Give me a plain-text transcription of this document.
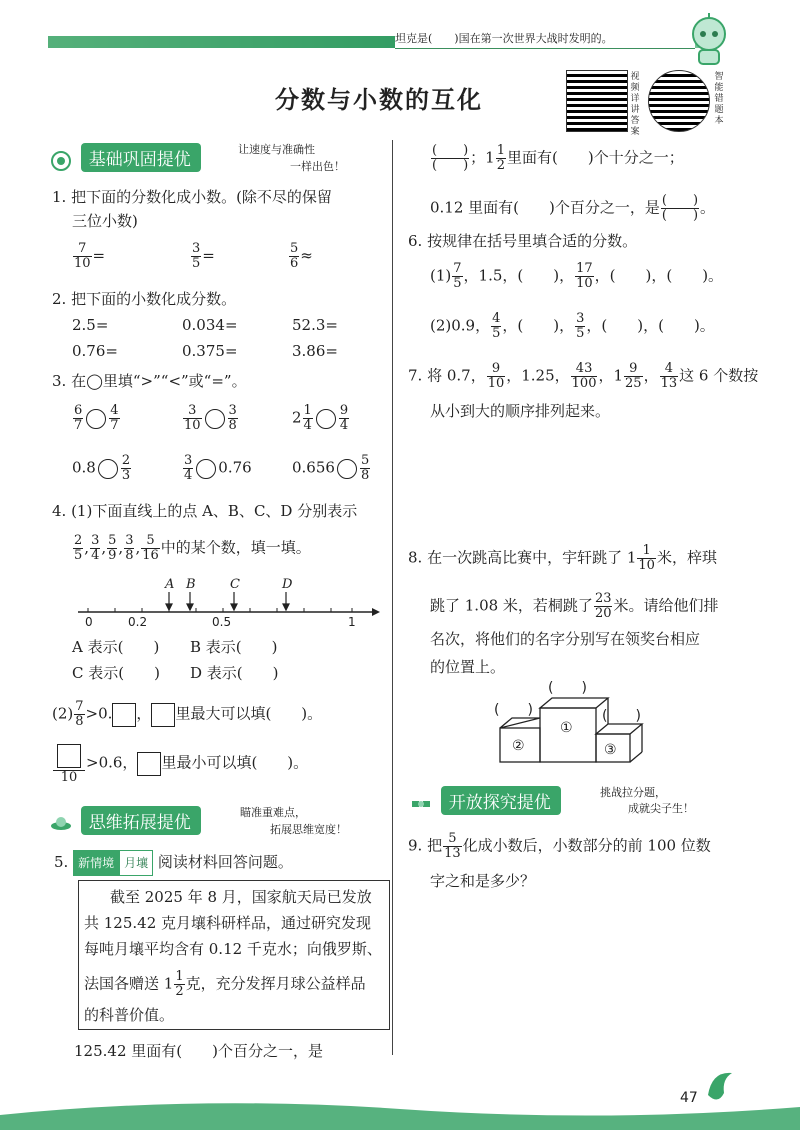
坦克是(　　)国在第一次世界大战时发明的。
分数与小数的互化
视频详讲答案
智能错题本
基础巩固提优
让速度与准确性
一样出色！
1. 把下面的分数化成小数。(除不尽的保留
三位小数)
$\frac{7}{10}$ =	$\frac{3}{5}$ =	$\frac{5}{6}$ ≈
2. 把下面的小数化成分数。
2.5=	0.034=	52.3=
0.76=	0.375=	3.86=
3. 在◯里填“>”“<”或“=”。
$\frac{6}{7} \frac{4}{7}$	$\frac{3}{10} \frac{3}{8}$	$2 \frac{1}{4} \frac{9}{4}$
$0.8 \frac{2}{3}$	$\frac{3}{4} 0.76$	$0.656 \frac{5}{8}$
4. (1)下面直线上的点 A、B、C、D 分别表示
$\frac{2}{5}$ , $\frac{3}{4}$ , $\frac{5}{9}$ , $\frac{3}{8}$ , $\frac{5}{16}$ 中的某个数，填一填。
A B	C	D
0	0.2	0.5	1
A 表示(　　) B 表示(　　)
C 表示(　　) D 表示(　　)
$(2) \frac{7}{8} >0$. ， 里最大可以填(　　)。
10
>0.6， 里最小可以填(　　)。
思维拓展提优
瞄准重难点，
拓展思维宽度！
5. 新情境 月壤 阅读材料回答问题。
截至 2025 年 8 月，国家航天局已发放
共 125.42 克月壤科研样品，通过研究发现
每吨月壤平均含有 0.12 千克水；向俄罗斯、
法国各赠送 $1 \frac{1}{2}$ 克，充分发挥月球公益样品
的科普价值。
125.42 里面有(　　)个百分之一，是
$\frac{( )}{( )}$ ；$1 \frac{1}{2}$ 里面有(　　)个十分之一；
0.12 里面有(　　)个百分之一，是 $\frac{( )}{( )}$ 。
6. 按规律在括号里填合适的分数。
$(1) \frac{7}{5}$ ，1.5，(　　)， $\frac{17}{10}$ ，(　　)，(　　)。
(2)0.9， $\frac{4}{5}$ ，(　　)， $\frac{3}{5}$ ，(　　)，(　　)。
7. 将 0.7， $\frac{9}{10}$ ，1.25， $\frac{43}{100}$ ，$1 \frac{9}{25}$ ， $\frac{4}{13}$ 这 6 个数按
从小到大的顺序排列起来。
8. 在一次跳高比赛中，宇轩跳了 $1 \frac{1}{10}$ 米，梓琪
跳了 1.08 米，若桐跳了 $\frac{23}{20}$ 米。请给他们排
名次，将他们的名字分别写在领奖台相应
的位置上。
①
②	③
(　　)
(　　)	(　　)
开放探究提优
挑战拉分题，
成就尖子生！
9. 把 $\frac{5}{13}$ 化成小数后，小数部分的前 100 位数
字之和是多少？
47
